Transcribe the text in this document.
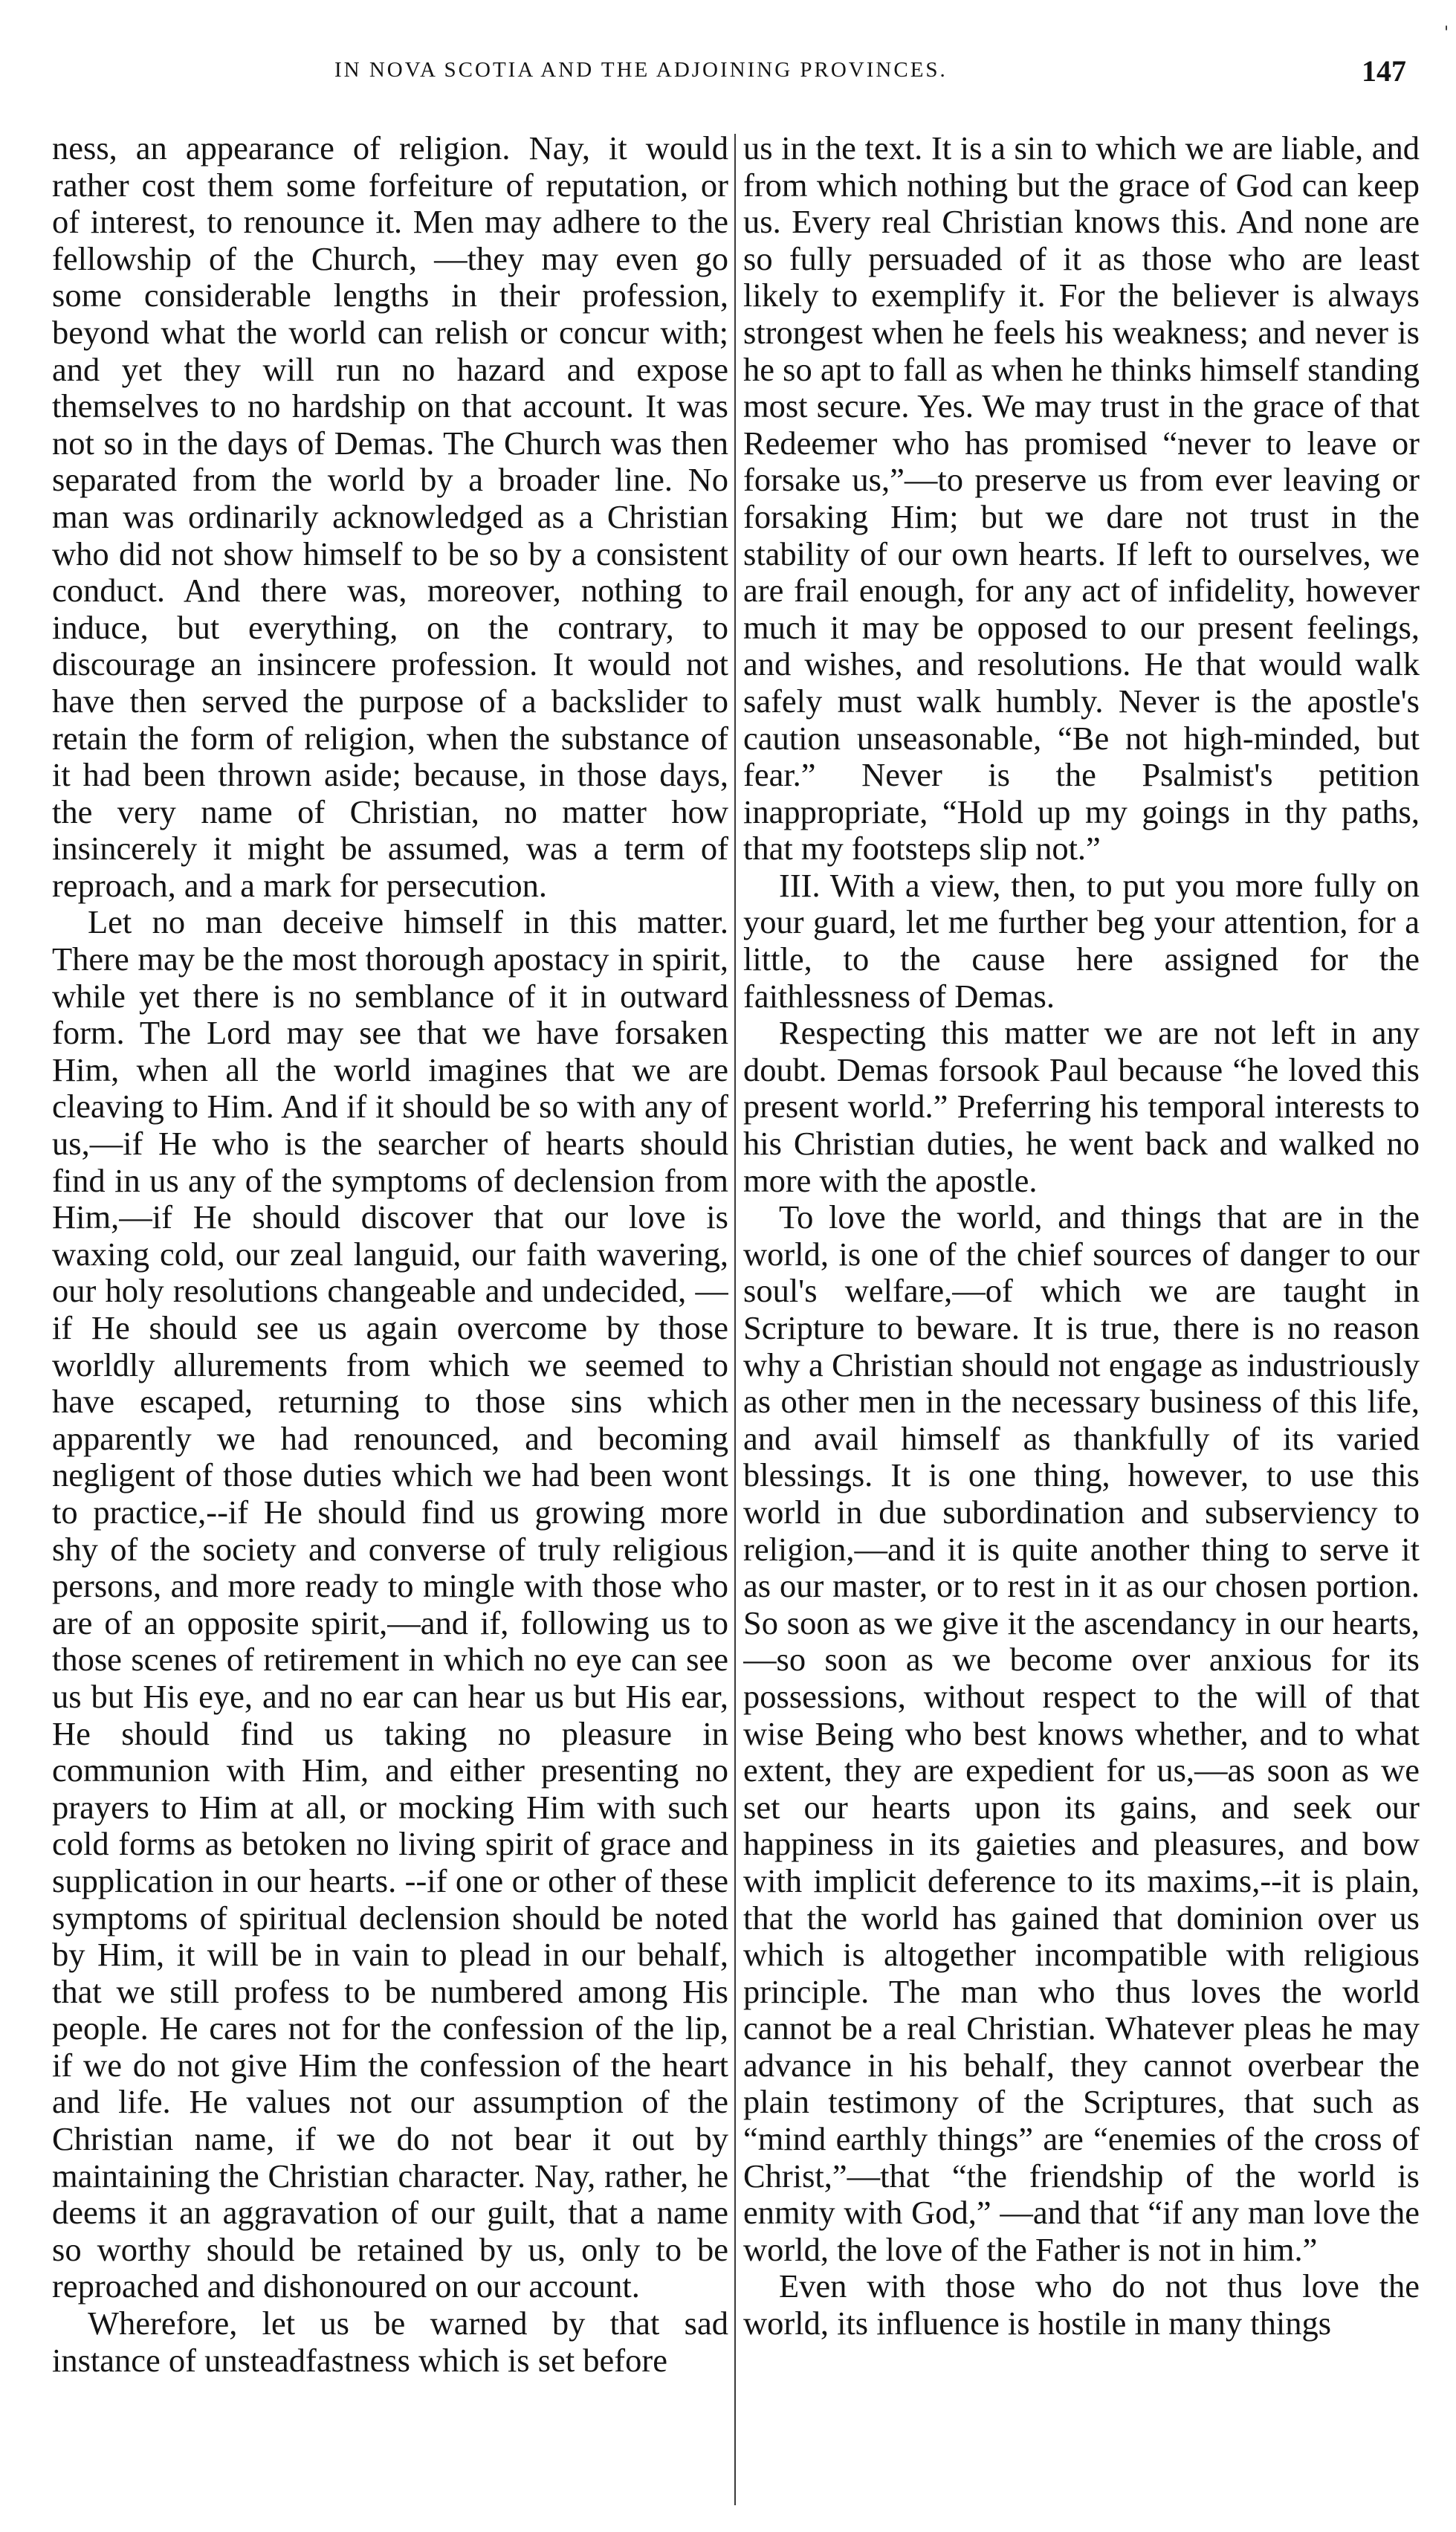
IN NOVA SCOTIA AND THE ADJOINING PROVINCES.	147
'

ness, an appearance of religion. Nay, it would rather cost them some forfeiture of reputation, or of interest, to renounce it. Men may adhere to the fellowship of the Church, —they may even go some considerable lengths in their profession, beyond what the world can relish or concur with; and yet they will run no hazard and expose themselves to no hardship on that account. It was not so in the days of Demas. The Church was then separated from the world by a broader line. No man was ordinarily acknowledged as a Christian who did not show himself to be so by a consistent conduct. And there was, moreover, nothing to induce, but everything, on the contrary, to discourage an insincere profession. It would not have then served the purpose of a backslider to retain the form of religion, when the substance of it had been thrown aside; because, in those days, the very name of Christian, no matter how insincerely it might be assumed, was a term of reproach, and a mark for persecution.

Let no man deceive himself in this matter. There may be the most thorough apostacy in spirit, while yet there is no semblance of it in outward form. The Lord may see that we have forsaken Him, when all the world imagines that we are cleaving to Him. And if it should be so with any of us,—if He who is the searcher of hearts should find in us any of the symptoms of declension from Him,—if He should discover that our love is waxing cold, our zeal languid, our faith wavering, our holy resolutions changeable and undecided, —if He should see us again overcome by those worldly allurements from which we seemed to have escaped, returning to those sins which apparently we had renounced, and becoming negligent of those duties which we had been wont to practice,--if He should find us growing more shy of the society and converse of truly religious persons, and more ready to mingle with those who are of an opposite spirit,—and if, following us to those scenes of retirement in which no eye can see us but His eye, and no ear can hear us but His ear, He should find us taking no pleasure in communion with Him, and either presenting no prayers to Him at all, or mocking Him with such cold forms as betoken no living spirit of grace and supplication in our hearts. --if one or other of these symptoms of spiritual declension should be noted by Him, it will be in vain to plead in our behalf, that we still profess to be numbered among His people. He cares not for the confession of the lip, if we do not give Him the confession of the heart and life. He values not our assumption of the Christian name, if we do not bear it out by maintaining the Christian character. Nay, rather, he deems it an aggravation of our guilt, that a name so worthy should be retained by us, only to be reproached and dishonoured on our account.

Wherefore, let us be warned by that sad instance of unsteadfastness which is set before

us in the text. It is a sin to which we are liable, and from which nothing but the grace of God can keep us. Every real Christian knows this. And none are so fully persuaded of it as those who are least likely to exemplify it. For the believer is always strongest when he feels his weakness; and never is he so apt to fall as when he thinks himself standing most secure. Yes. We may trust in the grace of that Redeemer who has promised “never to leave or forsake us,”—to preserve us from ever leaving or forsaking Him; but we dare not trust in the stability of our own hearts. If left to ourselves, we are frail enough, for any act of infidelity, however much it may be opposed to our present feelings, and wishes, and resolutions. He that would walk safely must walk humbly. Never is the apostle's caution unseasonable, “Be not high-minded, but fear.” Never is the Psalmist's petition inappropriate, “Hold up my goings in thy paths, that my footsteps slip not.”

III. With a view, then, to put you more fully on your guard, let me further beg your attention, for a little, to the cause here assigned for the faithlessness of Demas.

Respecting this matter we are not left in any doubt. Demas forsook Paul because “he loved this present world.” Preferring his temporal interests to his Christian duties, he went back and walked no more with the apostle.

To love the world, and things that are in the world, is one of the chief sources of danger to our soul's welfare,—of which we are taught in Scripture to beware. It is true, there is no reason why a Christian should not engage as industriously as other men in the necessary business of this life, and avail himself as thankfully of its varied blessings. It is one thing, however, to use this world in due subordination and subserviency to religion,—and it is quite another thing to serve it as our master, or to rest in it as our chosen portion. So soon as we give it the ascendancy in our hearts,—so soon as we become over anxious for its possessions, without respect to the will of that wise Being who best knows whether, and to what extent, they are expedient for us,—as soon as we set our hearts upon its gains, and seek our happiness in its gaieties and pleasures, and bow with implicit deference to its maxims,--it is plain, that the world has gained that dominion over us which is altogether incompatible with religious principle. The man who thus loves the world cannot be a real Christian. Whatever pleas he may advance in his behalf, they cannot overbear the plain testimony of the Scriptures, that such as “mind earthly things” are “enemies of the cross of Christ,”—that “the friendship of the world is enmity with God,” —and that “if any man love the world, the love of the Father is not in him.”

Even with those who do not thus love the world, its influence is hostile in many things
